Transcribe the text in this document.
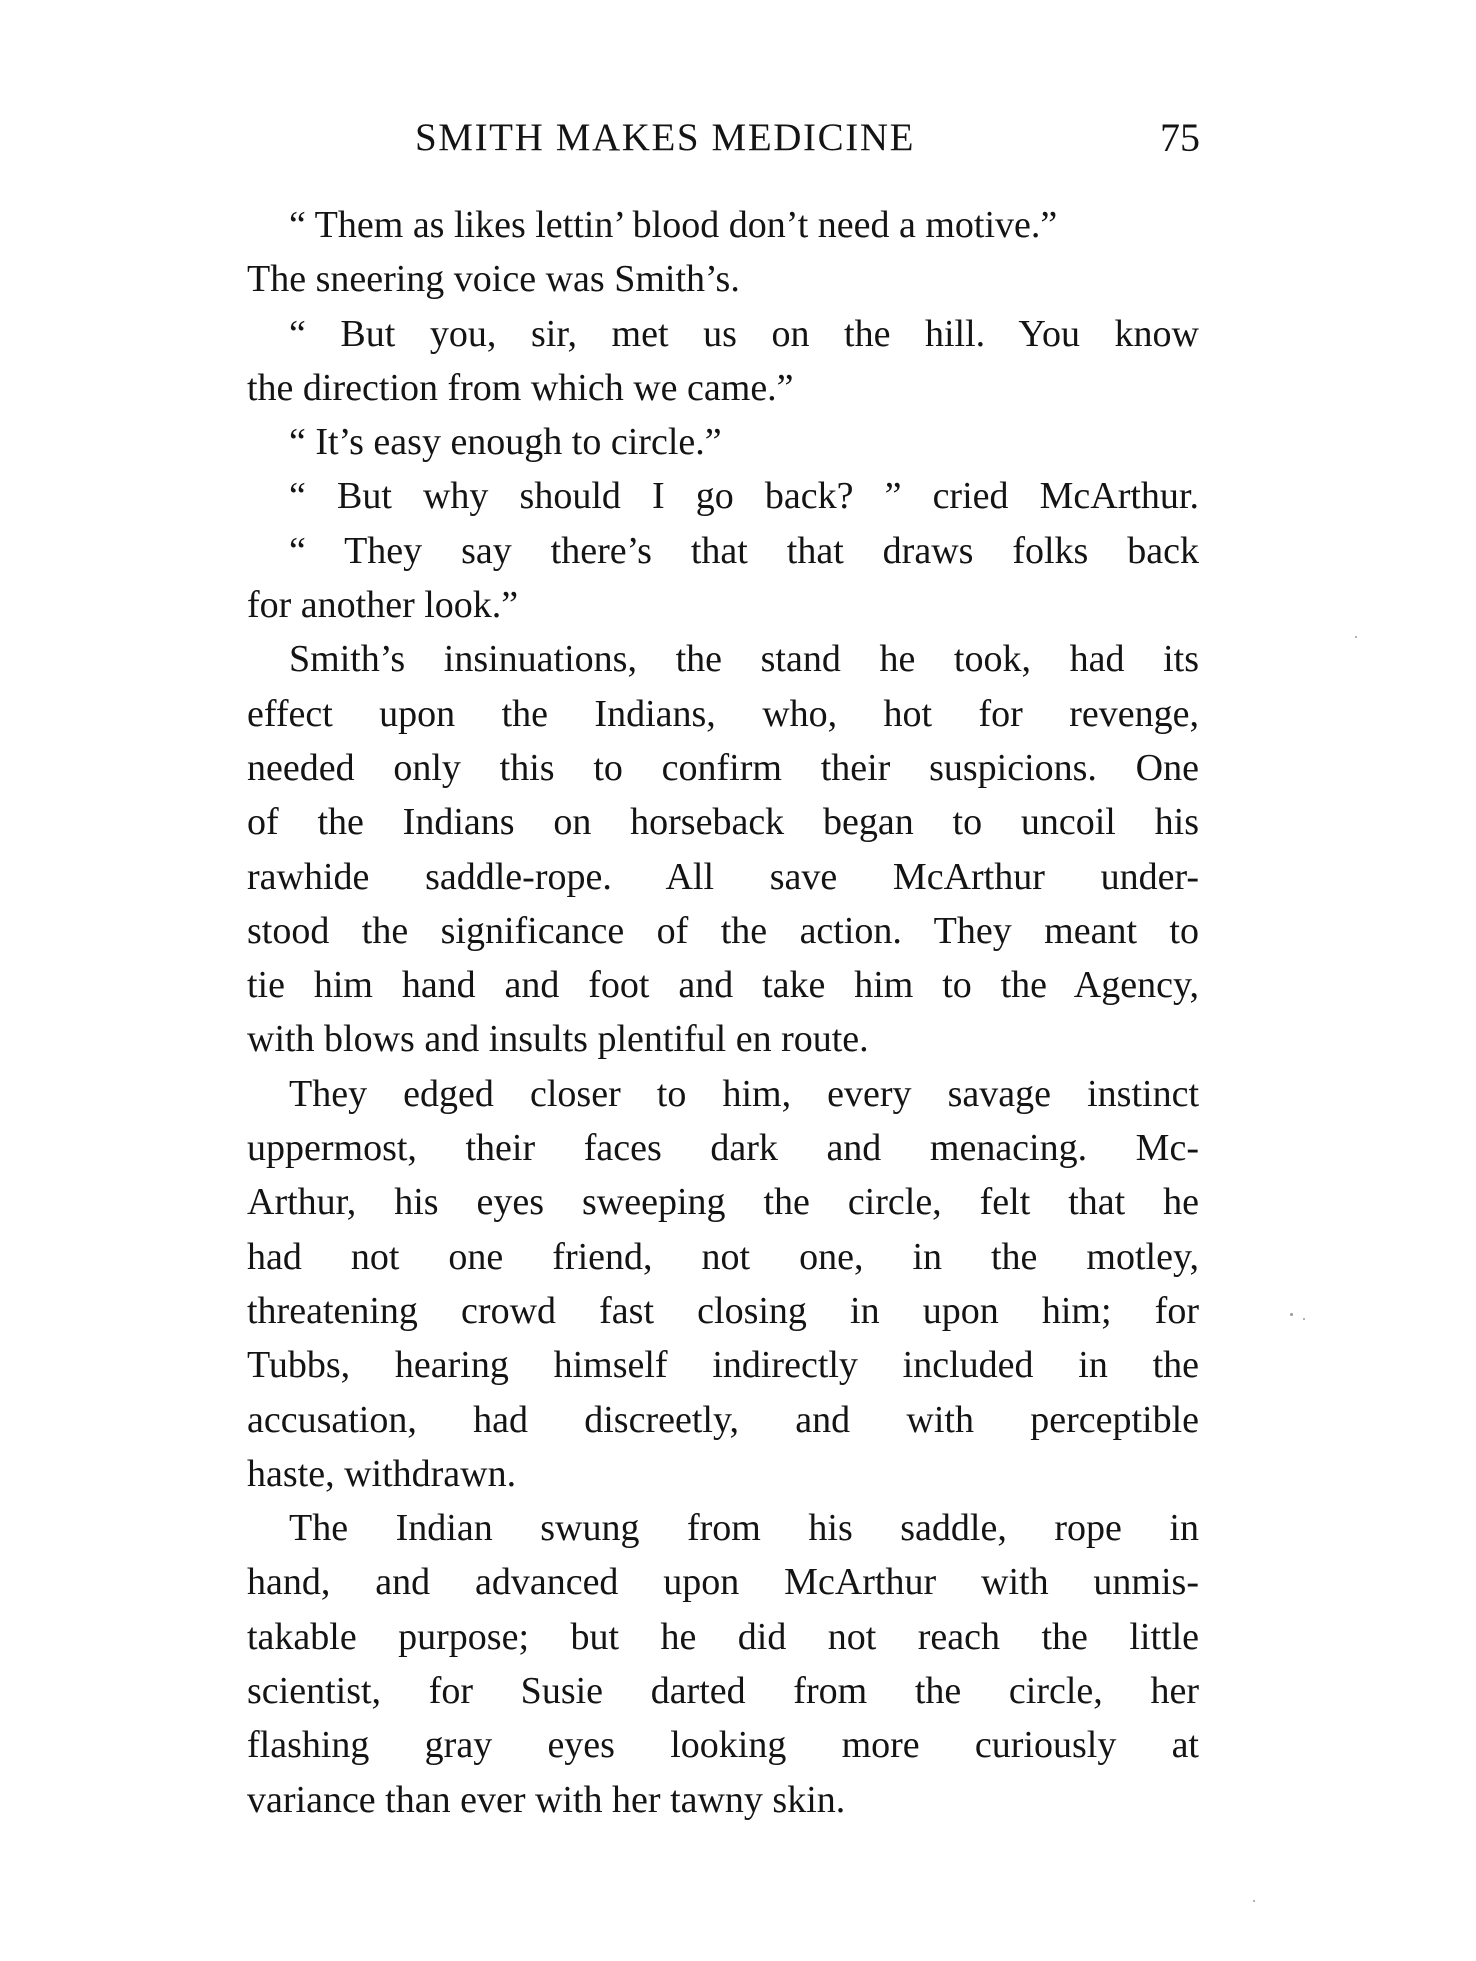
SMITH MAKES MEDICINE	75
“ Them as likes lettin’ blood don’t need a motive.”
The sneering voice was Smith’s.
“ But you, sir, met us on the hill. You know
the direction from which we came.”
“ It’s easy enough to circle.”
“ But why should I go back? ” cried McArthur.
“ They say there’s that that draws folks back
for another look.”
Smith’s insinuations, the stand he took, had its
effect upon the Indians, who, hot for revenge,
needed only this to confirm their suspicions. One
of the Indians on horseback began to uncoil his
rawhide saddle-rope. All save McArthur under-
stood the significance of the action. They meant to
tie him hand and foot and take him to the Agency,
with blows and insults plentiful en route.
They edged closer to him, every savage instinct
uppermost, their faces dark and menacing. Mc-
Arthur, his eyes sweeping the circle, felt that he
had not one friend, not one, in the motley,
threatening crowd fast closing in upon him; for
Tubbs, hearing himself indirectly included in the
accusation, had discreetly, and with perceptible
haste, withdrawn.
The Indian swung from his saddle, rope in
hand, and advanced upon McArthur with unmis-
takable purpose; but he did not reach the little
scientist, for Susie darted from the circle, her
flashing gray eyes looking more curiously at
variance than ever with her tawny skin.
